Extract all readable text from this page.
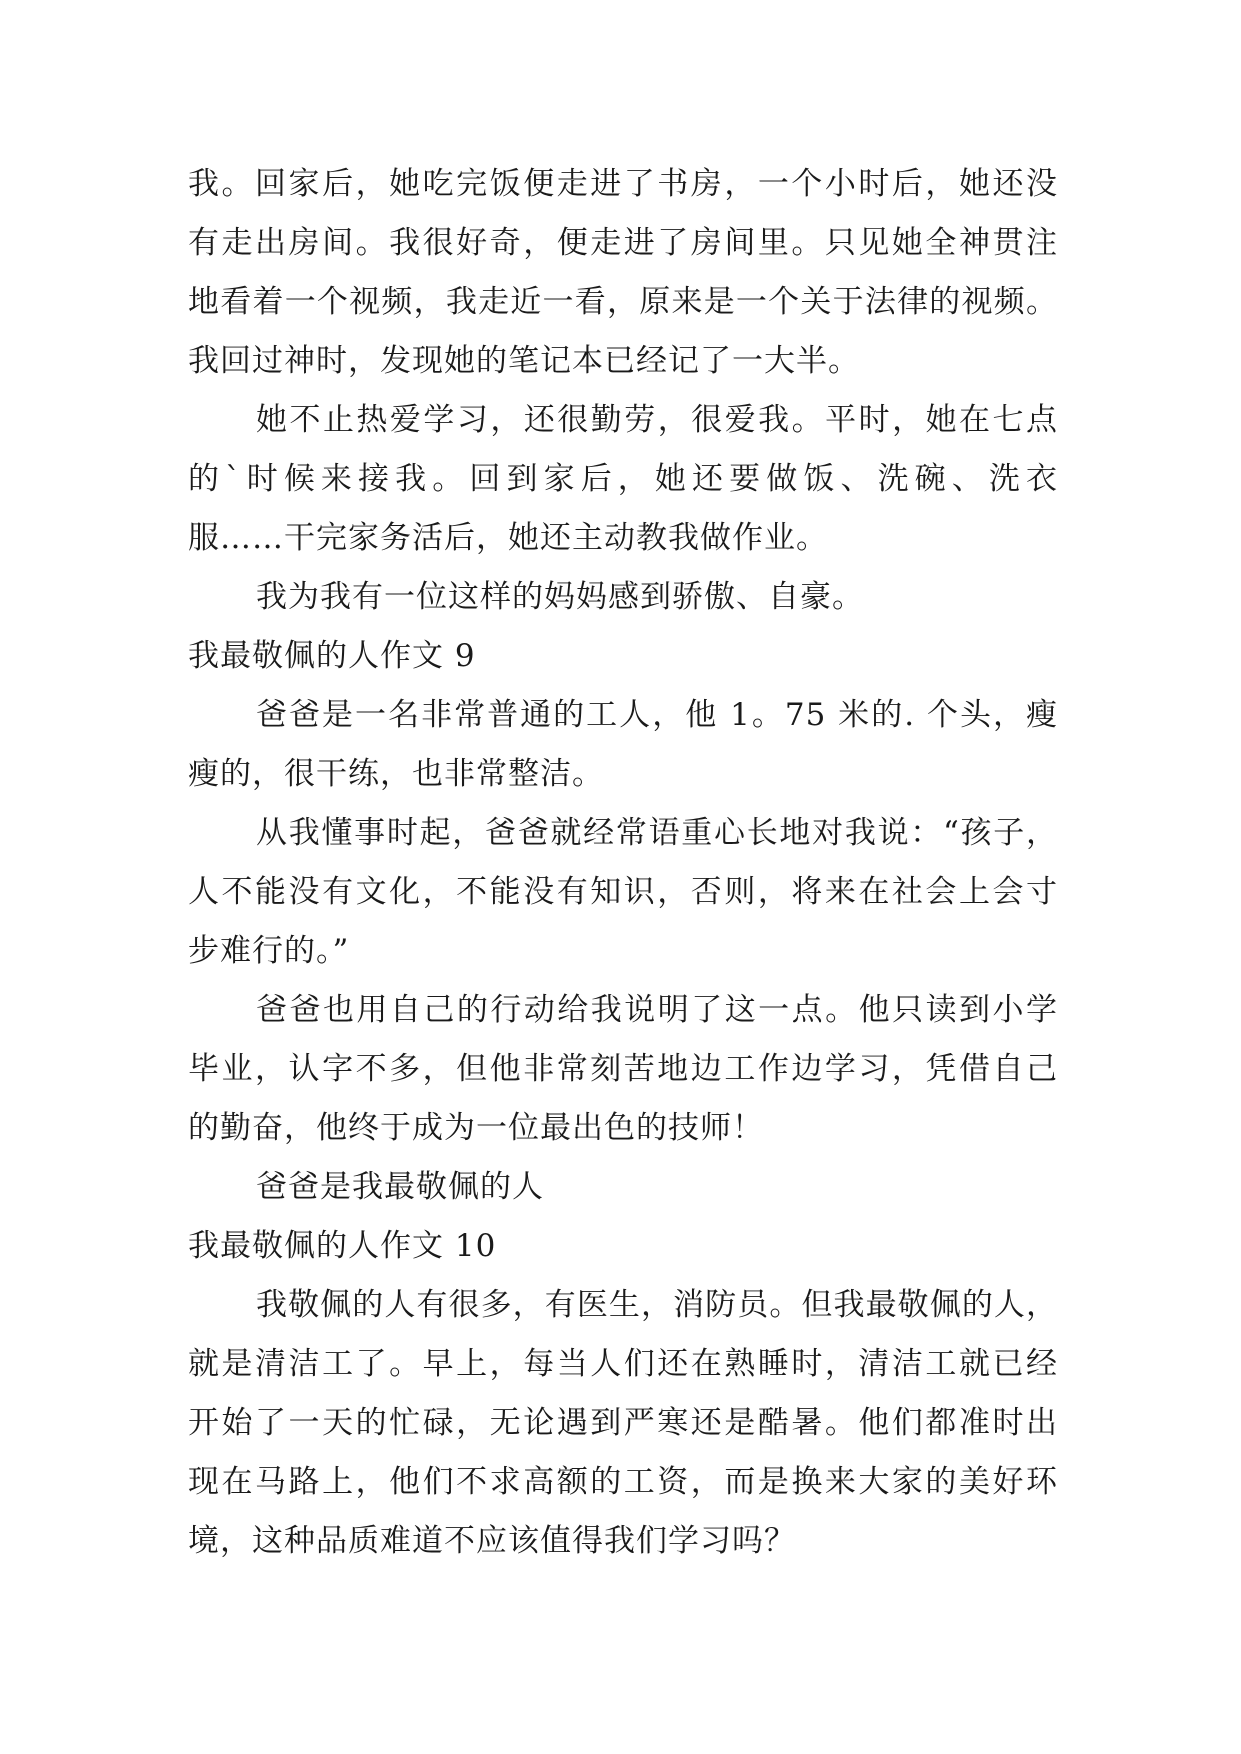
我。回家后，她吃完饭便走进了书房，一个小时后，她还没
有走出房间。我很好奇，便走进了房间里。只见她全神贯注
地看着一个视频，我走近一看，原来是一个关于法律的视频。
我回过神时，发现她的笔记本已经记了一大半。
她不止热爱学习，还很勤劳，很爱我。平时，她在七点
的`时候来接我。回到家后，她还要做饭、洗碗、洗衣
服……干完家务活后，她还主动教我做作业。
我为我有一位这样的妈妈感到骄傲、自豪。
我最敬佩的人作文 9
爸爸是一名非常普通的工人，他 1。75 米的. 个头，瘦
瘦的，很干练，也非常整洁。
从我懂事时起，爸爸就经常语重心长地对我说：“孩子，
人不能没有文化，不能没有知识，否则，将来在社会上会寸
步难行的。”
爸爸也用自己的行动给我说明了这一点。他只读到小学
毕业，认字不多，但他非常刻苦地边工作边学习，凭借自己
的勤奋，他终于成为一位最出色的技师！
爸爸是我最敬佩的人
我最敬佩的人作文 10
我敬佩的人有很多，有医生，消防员。但我最敬佩的人，
就是清洁工了。早上，每当人们还在熟睡时，清洁工就已经
开始了一天的忙碌，无论遇到严寒还是酷暑。他们都准时出
现在马路上，他们不求高额的工资，而是换来大家的美好环
境，这种品质难道不应该值得我们学习吗？
